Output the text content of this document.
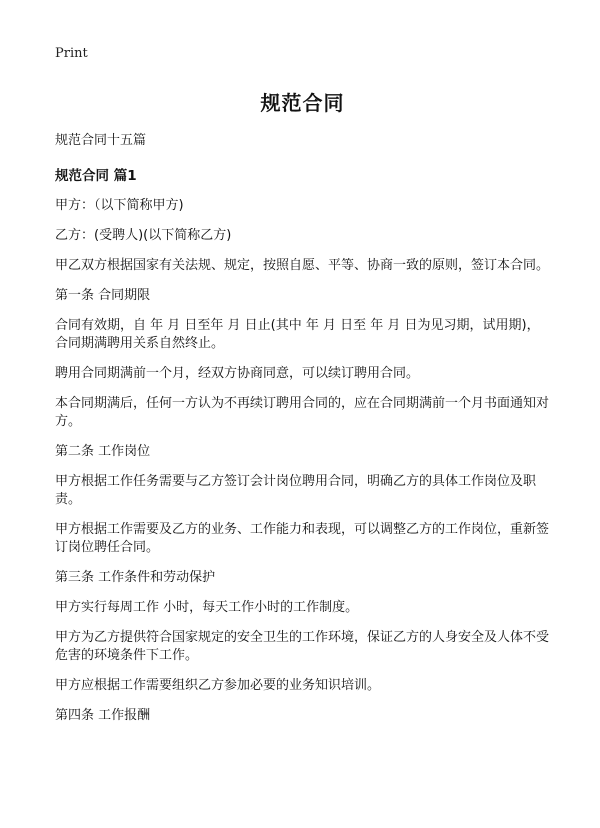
Print

规范合同

规范合同十五篇

规范合同 篇1

甲方：（以下简称甲方)

乙方：(受聘人)(以下简称乙方)

甲乙双方根据国家有关法规、规定，按照自愿、平等、协商一致的原则，签订本合同。

第一条 合同期限

合同有效期，自 年 月 日至年 月 日止(其中 年 月 日至 年 月 日为见习期，试用期)，合同期满聘用关系自然终止。

聘用合同期满前一个月，经双方协商同意，可以续订聘用合同。

本合同期满后，任何一方认为不再续订聘用合同的，应在合同期满前一个月书面通知对方。

第二条 工作岗位

甲方根据工作任务需要与乙方签订会计岗位聘用合同，明确乙方的具体工作岗位及职责。

甲方根据工作需要及乙方的业务、工作能力和表现，可以调整乙方的工作岗位，重新签订岗位聘任合同。

第三条 工作条件和劳动保护

甲方实行每周工作 小时，每天工作小时的工作制度。

甲方为乙方提供符合国家规定的安全卫生的工作环境，保证乙方的人身安全及人体不受危害的环境条件下工作。

甲方应根据工作需要组织乙方参加必要的业务知识培训。

第四条 工作报酬
